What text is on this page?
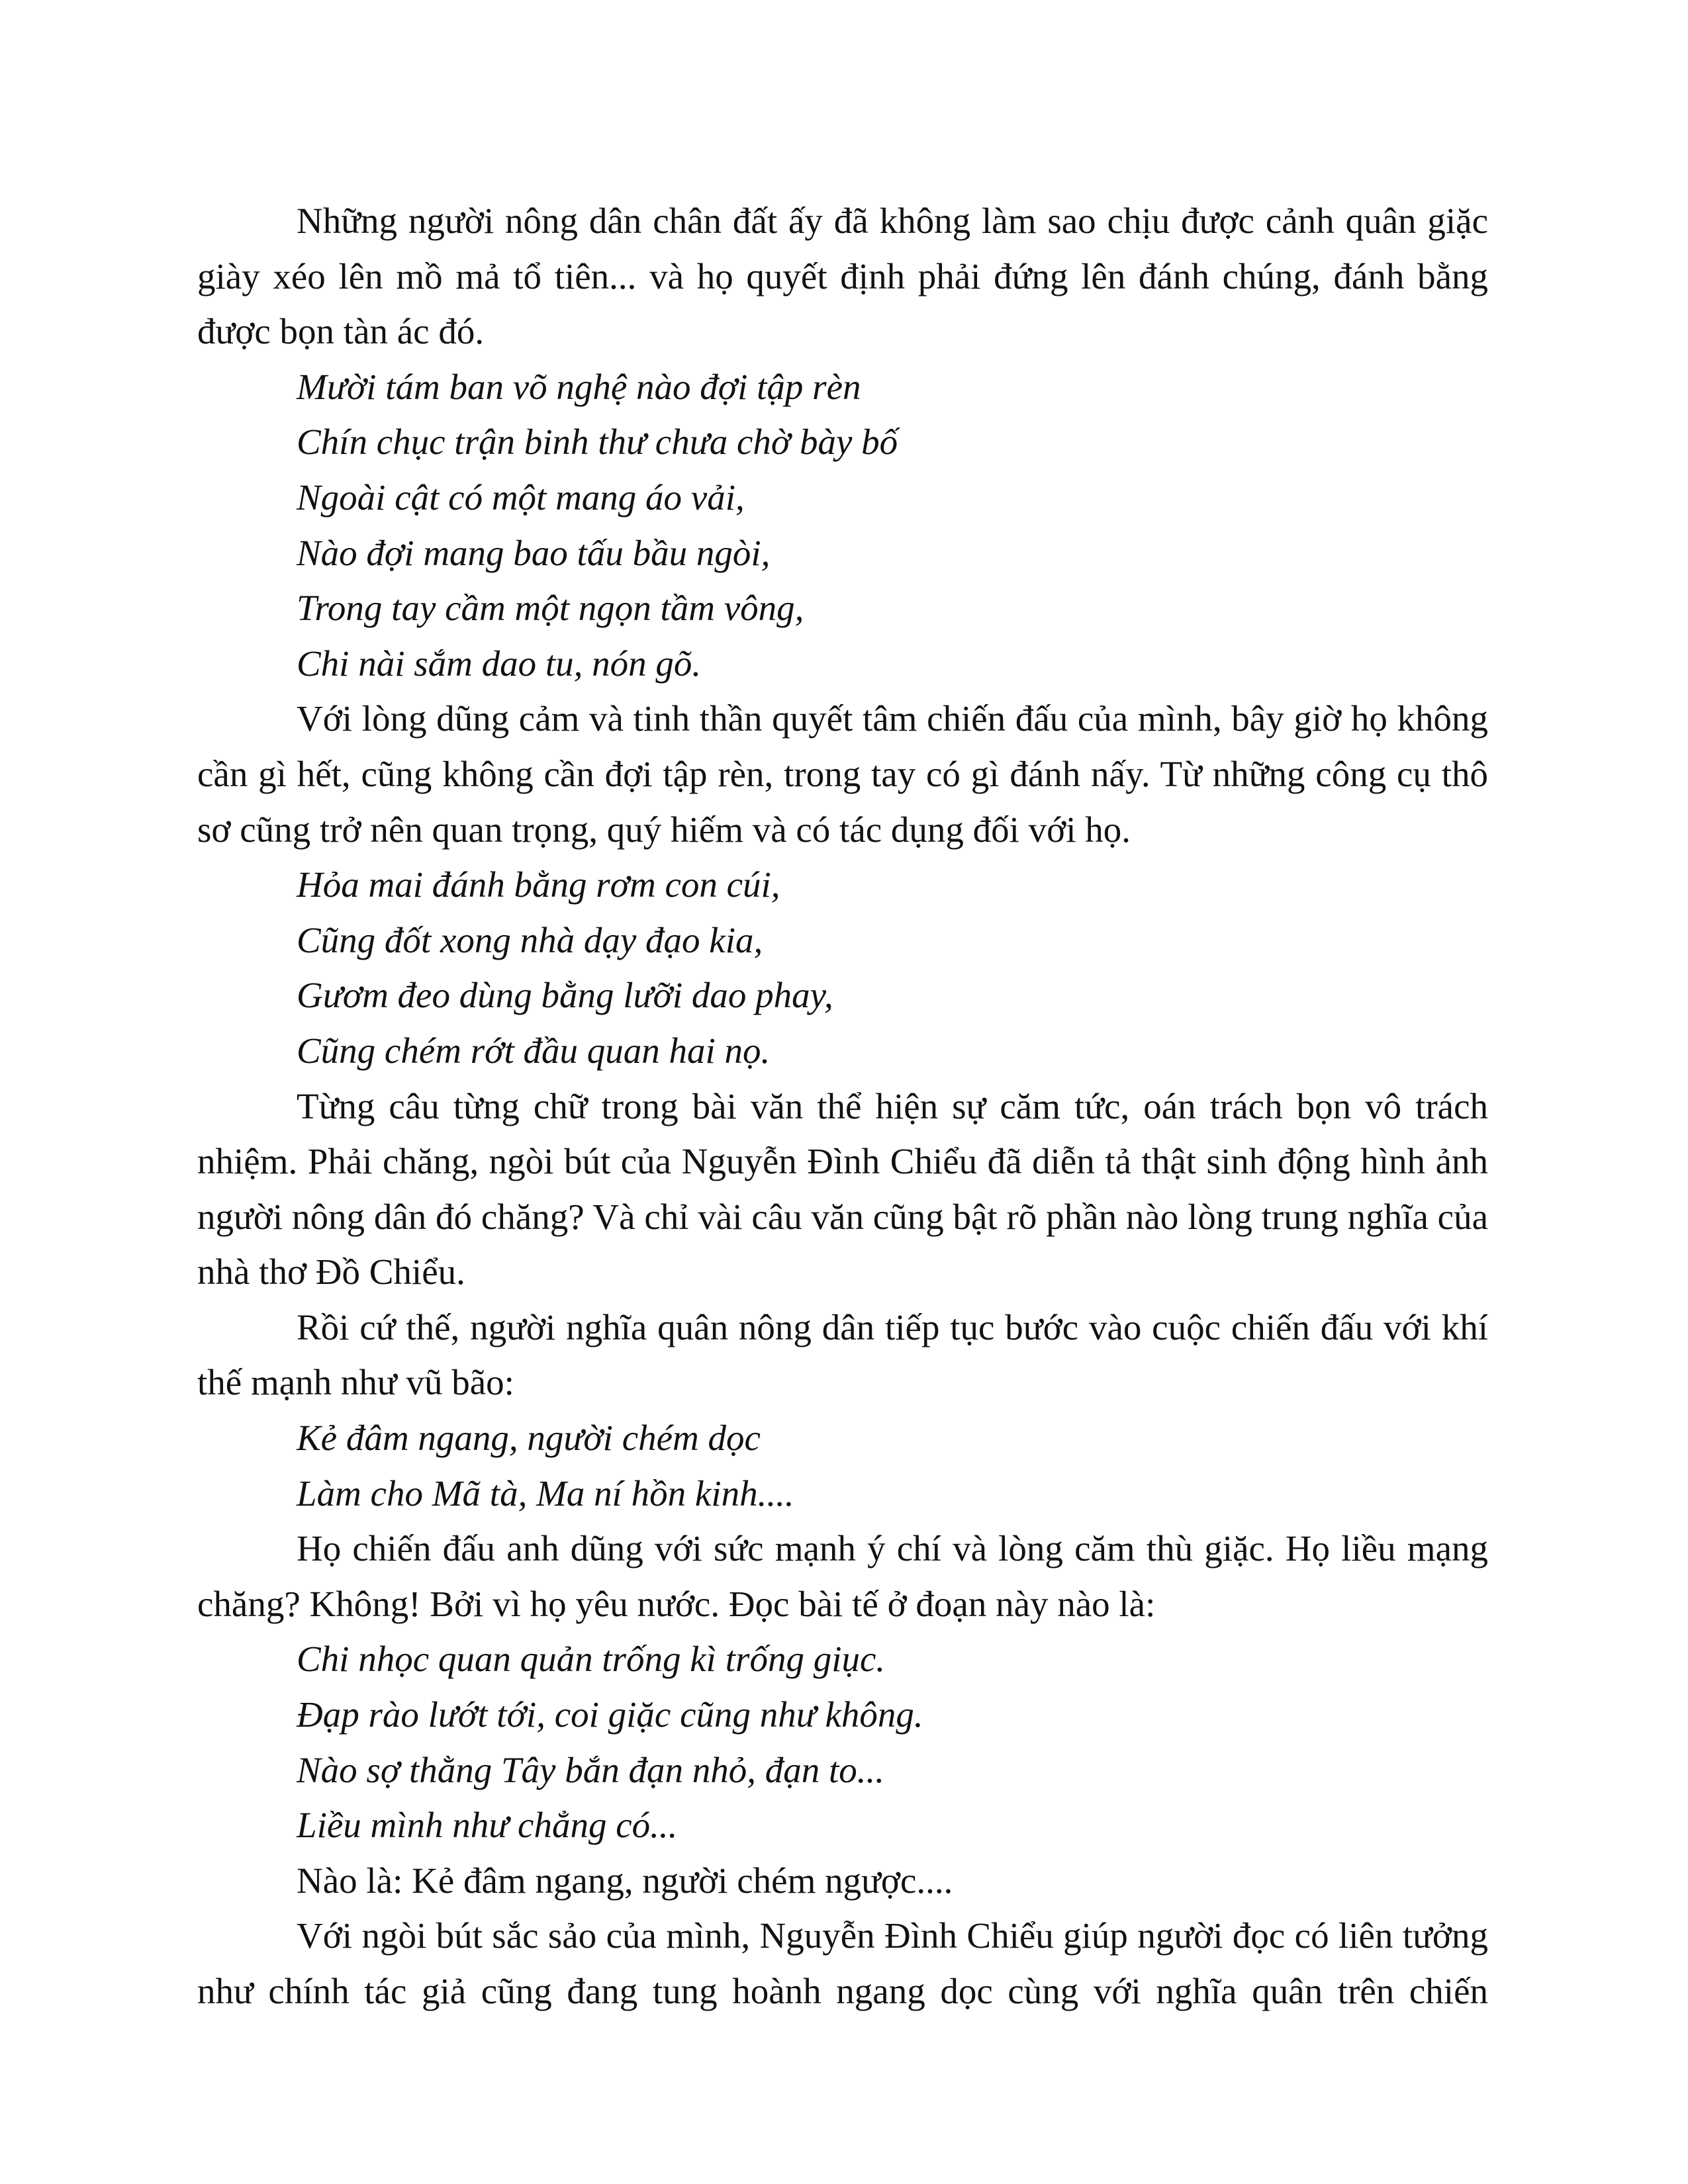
Những người nông dân chân đất ấy đã không làm sao chịu được cảnh quân giặc giày xéo lên mồ mả tổ tiên... và họ quyết định phải đứng lên đánh chúng, đánh bằng được bọn tàn ác đó.

Mười tám ban võ nghệ nào đợi tập rèn

Chín chục trận binh thư chưa chờ bày bố

Ngoài cật có một mang áo vải,

Nào đợi mang bao tấu bầu ngòi,

Trong tay cầm một ngọn tầm vông,

Chi nài sắm dao tu, nón gõ.

Với lòng dũng cảm và tinh thần quyết tâm chiến đấu của mình, bây giờ họ không cần gì hết, cũng không cần đợi tập rèn, trong tay có gì đánh nấy. Từ những công cụ thô sơ cũng trở nên quan trọng, quý hiếm và có tác dụng đối với họ.

Hỏa mai đánh bằng rơm con cúi,

Cũng đốt xong nhà dạy đạo kia,

Gươm đeo dùng bằng lưỡi dao phay,

Cũng chém rớt đầu quan hai nọ.

Từng câu từng chữ trong bài văn thể hiện sự căm tức, oán trách bọn vô trách nhiệm. Phải chăng, ngòi bút của Nguyễn Đình Chiểu đã diễn tả thật sinh động hình ảnh người nông dân đó chăng? Và chỉ vài câu văn cũng bật rõ phần nào lòng trung nghĩa của nhà thơ Đồ Chiểu.

Rồi cứ thế, người nghĩa quân nông dân tiếp tục bước vào cuộc chiến đấu với khí thế mạnh như vũ bão:

Kẻ đâm ngang, người chém dọc

Làm cho Mã tà, Ma ní hồn kinh....

Họ chiến đấu anh dũng với sức mạnh ý chí và lòng căm thù giặc. Họ liều mạng chăng? Không! Bởi vì họ yêu nước. Đọc bài tế ở đoạn này nào là:

Chi nhọc quan quản trống kì trống giục.

Đạp rào lướt tới, coi giặc cũng như không.

Nào sợ thằng Tây bắn đạn nhỏ, đạn to...

Liều mình như chẳng có...

Nào là: Kẻ đâm ngang, người chém ngược....

Với ngòi bút sắc sảo của mình, Nguyễn Đình Chiểu giúp người đọc có liên tưởng như chính tác giả cũng đang tung hoành ngang dọc cùng với nghĩa quân trên chiến
